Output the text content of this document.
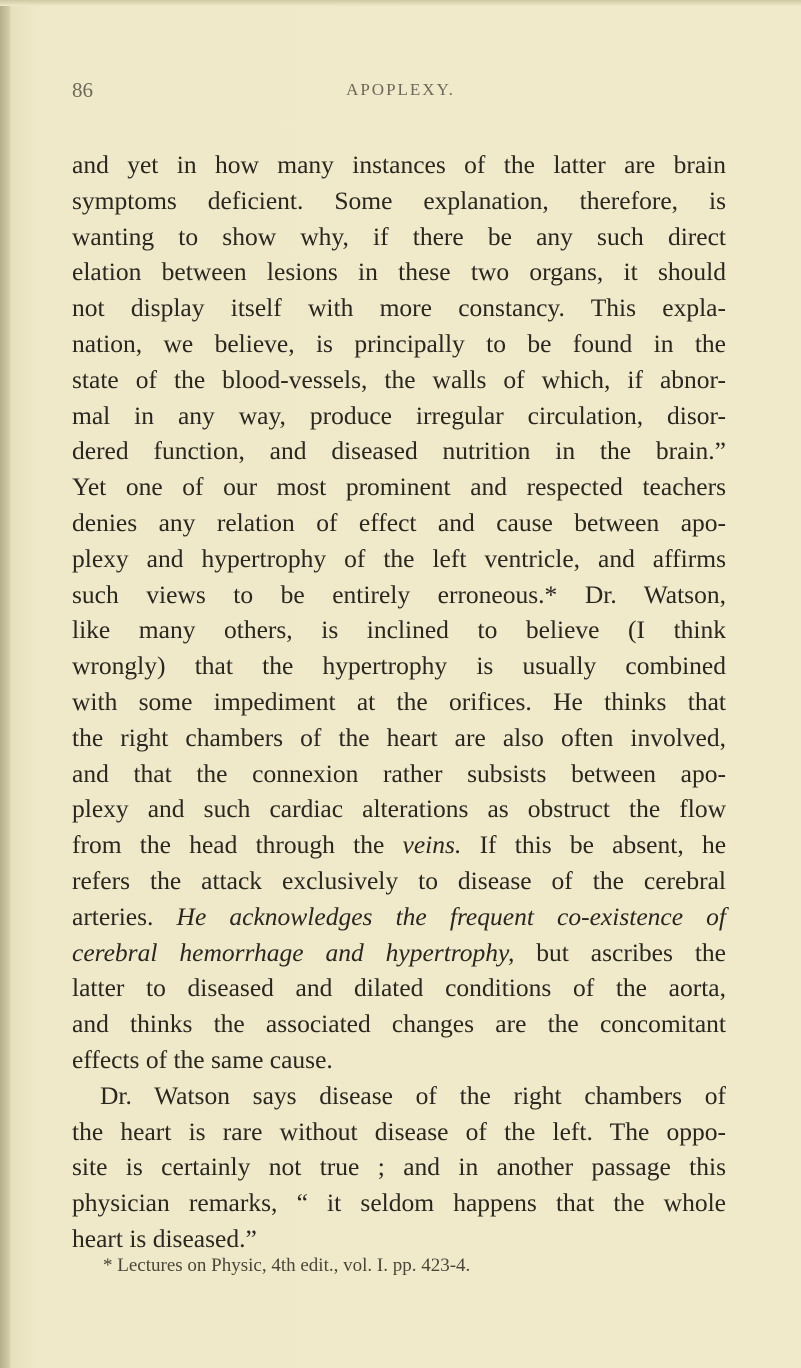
86	APOPLEXY.
and yet in how many instances of the latter are brain
symptoms deficient. Some explanation, therefore, is
wanting to show why, if there be any such direct
elation between lesions in these two organs, it should
not display itself with more constancy. This expla-
nation, we believe, is principally to be found in the
state of the blood-vessels, the walls of which, if abnor-
mal in any way, produce irregular circulation, disor-
dered function, and diseased nutrition in the brain.”
Yet one of our most prominent and respected teachers
denies any relation of effect and cause between apo-
plexy and hypertrophy of the left ventricle, and affirms
such views to be entirely erroneous.* Dr. Watson,
like many others, is inclined to believe (I think
wrongly) that the hypertrophy is usually combined
with some impediment at the orifices. He thinks that
the right chambers of the heart are also often involved,
and that the connexion rather subsists between apo-
plexy and such cardiac alterations as obstruct the flow
from the head through the veins. If this be absent, he
refers the attack exclusively to disease of the cerebral
arteries. He acknowledges the frequent co-existence of
cerebral hemorrhage and hypertrophy, but ascribes the
latter to diseased and dilated conditions of the aorta,
and thinks the associated changes are the concomitant
effects of the same cause.
Dr. Watson says disease of the right chambers of
the heart is rare without disease of the left. The oppo-
site is certainly not true ; and in another passage this
physician remarks, “ it seldom happens that the whole
heart is diseased.”
* Lectures on Physic, 4th edit., vol. I. pp. 423-4.
